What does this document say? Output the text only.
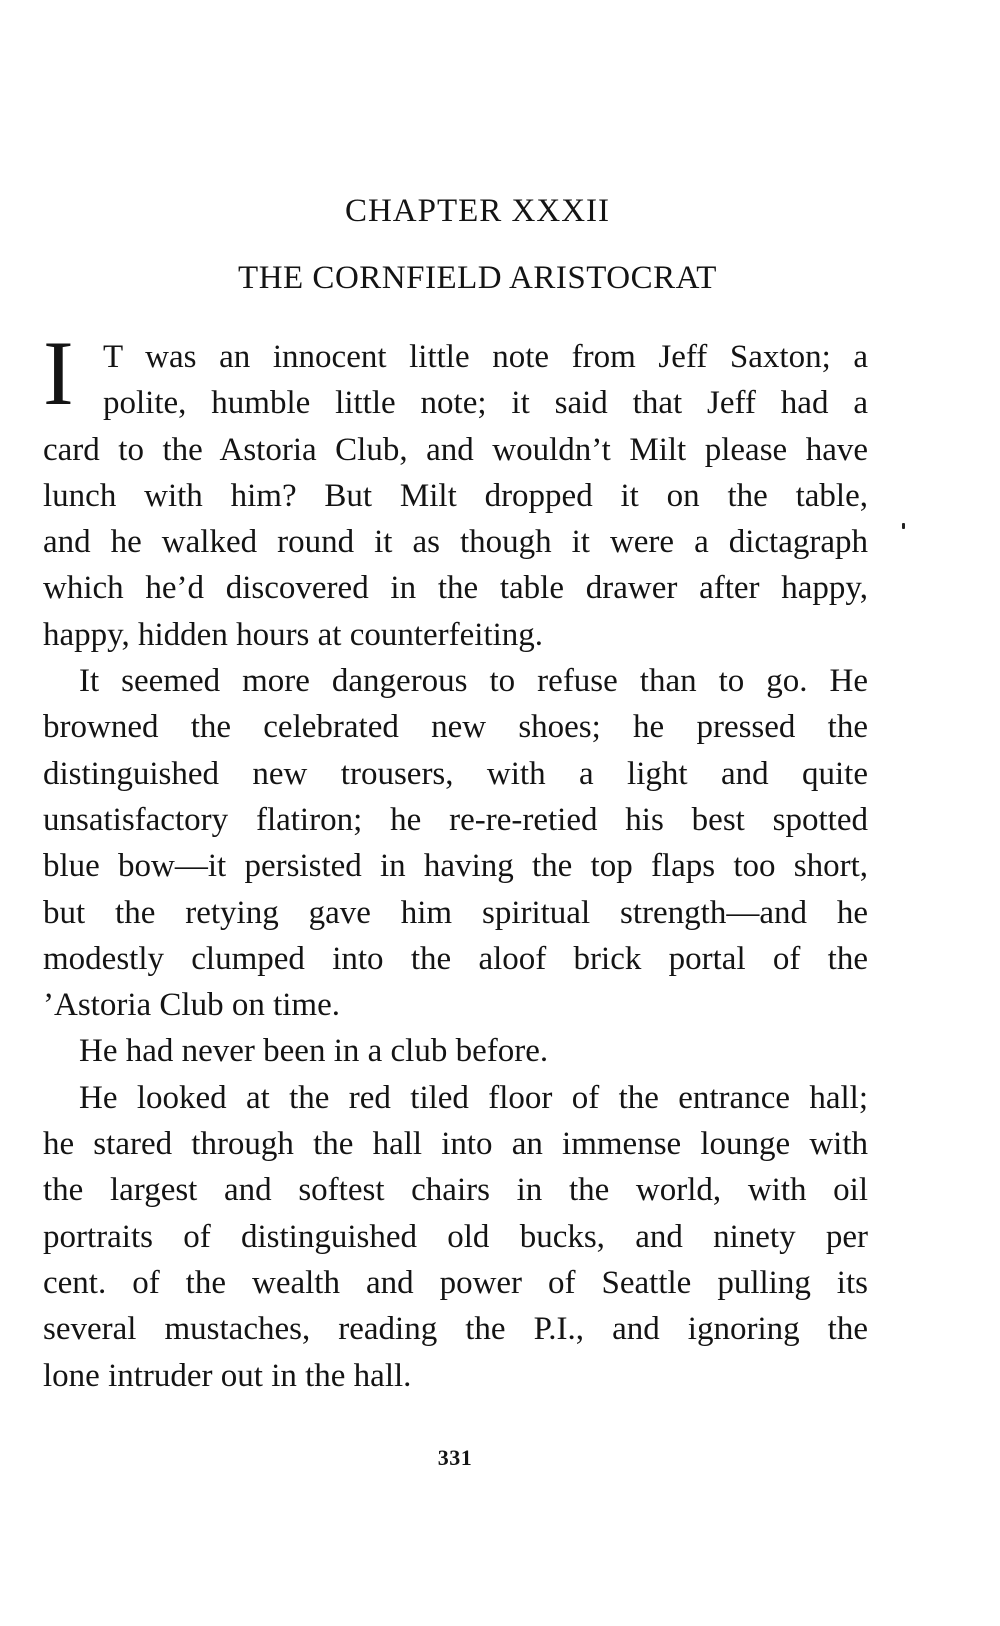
CHAPTER XXXII
THE CORNFIELD ARISTOCRAT
I T was an innocent little note from Jeff Saxton; a
polite, humble little note; it said that Jeff had a
card to the Astoria Club, and wouldn’t Milt please have
lunch with him? But Milt dropped it on the table,
and he walked round it as though it were a dictagraph
which he’d discovered in the table drawer after happy,
happy, hidden hours at counterfeiting.
It seemed more dangerous to refuse than to go. He
browned the celebrated new shoes; he pressed the
distinguished new trousers, with a light and quite
unsatisfactory flatiron; he re-re-retied his best spotted
blue bow—it persisted in having the top flaps too short,
but the retying gave him spiritual strength—and he
modestly clumped into the aloof brick portal of the
’Astoria Club on time.
He had never been in a club before.
He looked at the red tiled floor of the entrance hall;
he stared through the hall into an immense lounge with
the largest and softest chairs in the world, with oil
portraits of distinguished old bucks, and ninety per
cent. of the wealth and power of Seattle pulling its
several mustaches, reading the P.I., and ignoring the
lone intruder out in the hall.
331
